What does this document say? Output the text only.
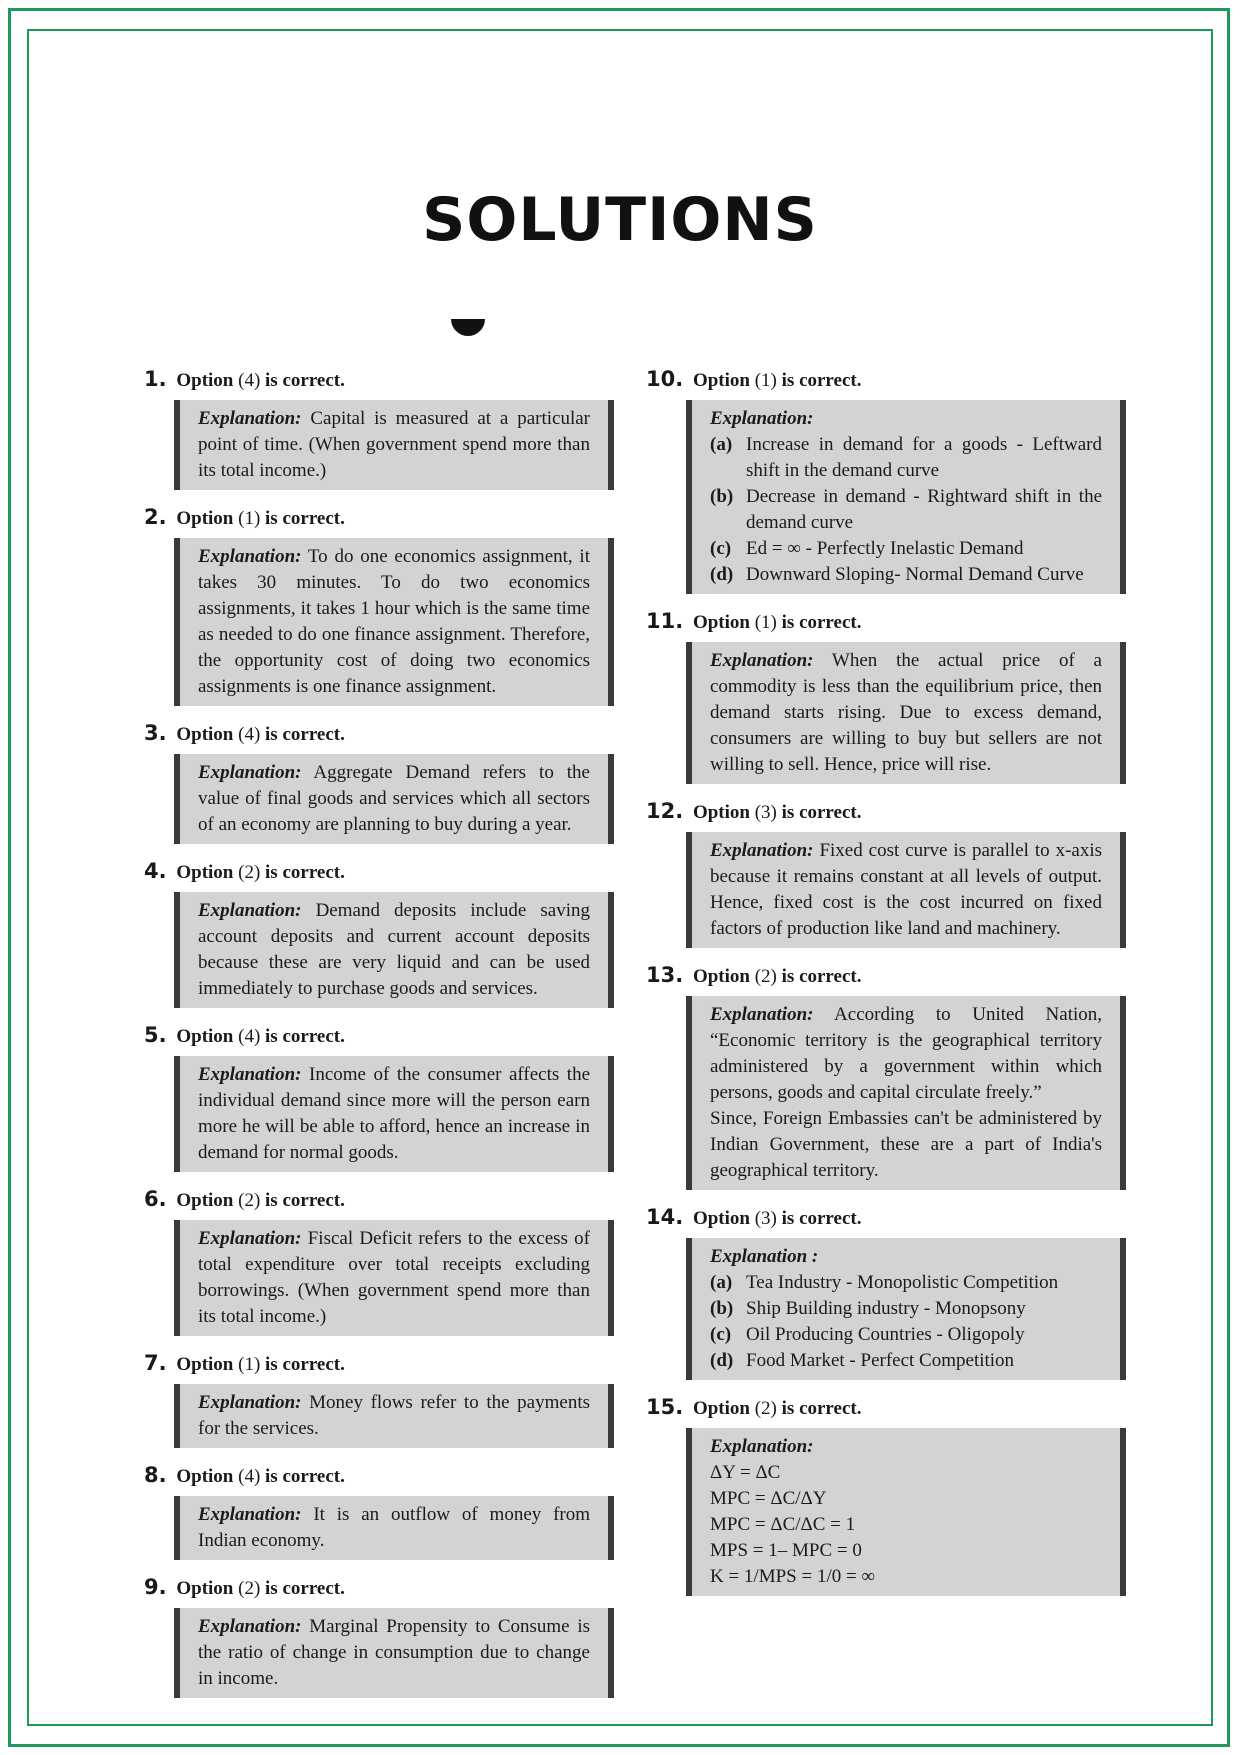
SOLUTIONS
1. Option (4) is correct.
Explanation: Capital is measured at a particular point of time. (When government spend more than its total income.)
2. Option (1) is correct.
Explanation: To do one economics assignment, it takes 30 minutes. To do two economics assignments, it takes 1 hour which is the same time as needed to do one finance assignment. Therefore, the opportunity cost of doing two economics assignments is one finance assignment.
3. Option (4) is correct.
Explanation: Aggregate Demand refers to the value of final goods and services which all sectors of an economy are planning to buy during a year.
4. Option (2) is correct.
Explanation: Demand deposits include saving account deposits and current account deposits because these are very liquid and can be used immediately to purchase goods and services.
5. Option (4) is correct.
Explanation: Income of the consumer affects the individual demand since more will the person earn more he will be able to afford, hence an increase in demand for normal goods.
6. Option (2) is correct.
Explanation: Fiscal Deficit refers to the excess of total expenditure over total receipts excluding borrowings. (When government spend more than its total income.)
7. Option (1) is correct.
Explanation: Money flows refer to the payments for the services.
8. Option (4) is correct.
Explanation: It is an outflow of money from Indian economy.
9. Option (2) is correct.
Explanation: Marginal Propensity to Consume is the ratio of change in consumption due to change in income.
10. Option (1) is correct.
Explanation:
(a) Increase in demand for a goods - Leftward shift in the demand curve
(b) Decrease in demand - Rightward shift in the demand curve
(c) Ed = ∞ - Perfectly Inelastic Demand
(d) Downward Sloping- Normal Demand Curve
11. Option (1) is correct.
Explanation: When the actual price of a commodity is less than the equilibrium price, then demand starts rising. Due to excess demand, consumers are willing to buy but sellers are not willing to sell. Hence, price will rise.
12. Option (3) is correct.
Explanation: Fixed cost curve is parallel to x-axis because it remains constant at all levels of output. Hence, fixed cost is the cost incurred on fixed factors of production like land and machinery.
13. Option (2) is correct.
Explanation: According to United Nation, “Economic territory is the geographical territory administered by a government within which persons, goods and capital circulate freely.”
Since, Foreign Embassies can't be administered by Indian Government, these are a part of India's geographical territory.
14. Option (3) is correct.
Explanation :
(a) Tea Industry - Monopolistic Competition
(b) Ship Building industry - Monopsony
(c) Oil Producing Countries - Oligopoly
(d) Food Market - Perfect Competition
15. Option (2) is correct.
Explanation:
ΔY = ΔC
MPC = ΔC/ΔY
MPC = ΔC/ΔC = 1
MPS = 1– MPC = 0
K = 1/MPS = 1/0 = ∞
